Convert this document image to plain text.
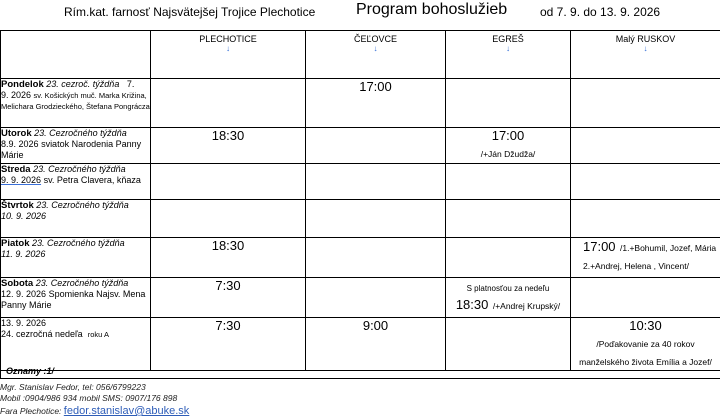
Rím.kat. farnosť Najsvätejšej Trojice Plechotice	Program bohoslužieb	od 7. 9. do 13. 9. 2026
	PLECHOTICE
↓	ČEĽOVCE
↓	EGREŠ
↓	Malý RUSKOV
↓

Pondelok 23. cezroč. týždňa 7.
9. 2026 sv. Košických muč. Marka Križina, Melichara Grodzieckého, Štefana Pongrácza		17:00		

Utorok 23. Cezročného týždňa
8.9. 2026 sviatok Narodenia Panny Márie	18:30		17:00
/+Ján Džudža/	

Streda 23. Cezročného týždňa
9. 9. 2026 sv. Petra Clavera, kňaza	

Štvrtok 23. Cezročného týždňa
10. 9. 2026				
Piatok 23. Cezročného týždňa
11. 9. 2026	18:30			17:00 /1.+Bohumil, Jozef, Mária 2.+Andrej, Helena , Vincent/
Sobota 23. Cezročného týždňa
12. 9. 2026 Spomienka Najsv. Mena Panny Márie	7:30		S platnosťou za nedeľu
18:30 /+Andrej Krupský/	
13. 9. 2026
24. cezročná nedeľa roku A	7:30	9:00		10:30
/Poďakovanie za 40 rokov manželského života Emília a Jozef/
Oznamy :1/
Mgr. Stanislav Fedor, tel: 056/6799223
Mobil :0904/986 934 mobil SMS: 0907/176 898
Fara Plechotice: fedor.stanislav@abuke.sk
